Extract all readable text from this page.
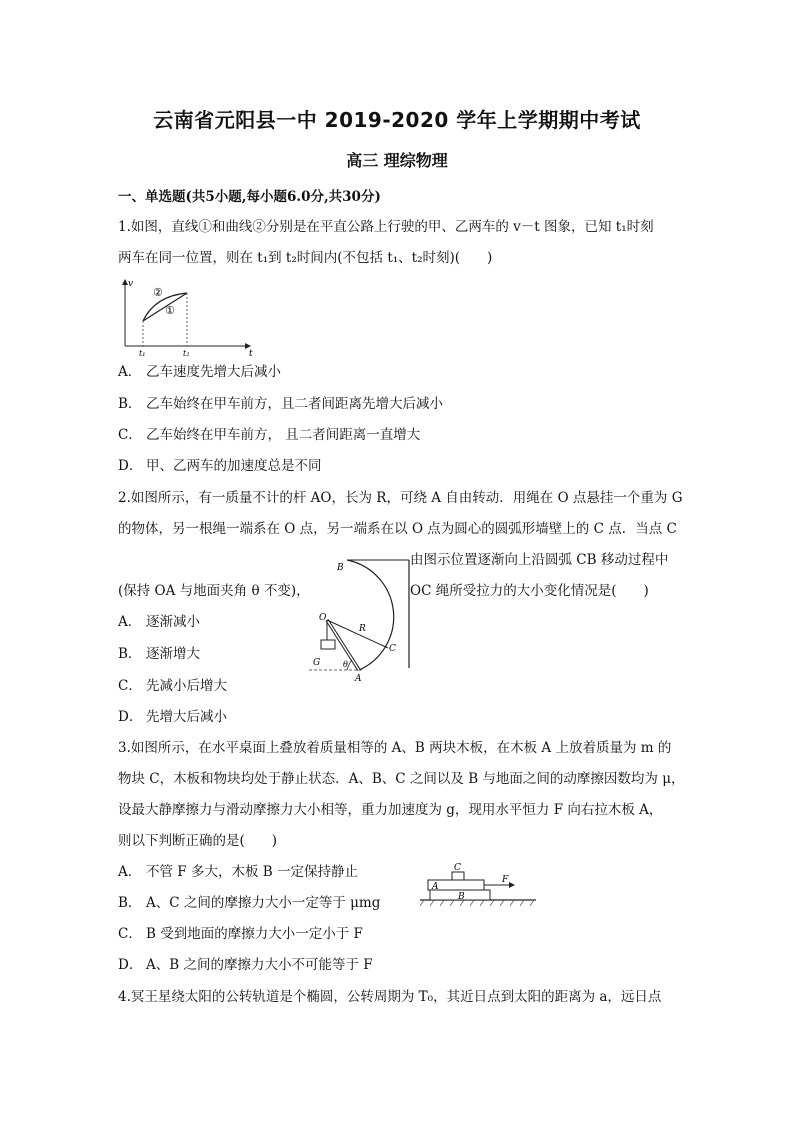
云南省元阳县一中 2019-2020 学年上学期期中考试
高三 理综物理
一、单选题(共5小题,每小题6.0分,共30分)
1.如图，直线①和曲线②分别是在平直公路上行驶的甲、乙两车的 v－t 图象，已知 t₁时刻
两车在同一位置，则在 t₁到 t₂时间内(不包括 t₁、t₂时刻)(　　)
v
t
②
①
t₁	t₂
A． 乙车速度先增大后减小
B． 乙车始终在甲车前方，且二者间距离先增大后减小
C． 乙车始终在甲车前方， 且二者间距离一直增大
D． 甲、乙两车的加速度总是不同
2.如图所示，有一质量不计的杆 AO，长为 R，可绕 A 自由转动．用绳在 O 点悬挂一个重为 G
的物体，另一根绳一端系在 O 点，另一端系在以 O 点为圆心的圆弧形墙壁上的 C 点．当点 C
由图示位置逐渐向上沿圆弧 CB 移动过程中
(保持 OA 与地面夹角 θ 不变)，	OC 绳所受拉力的大小变化情况是(　　)
B
O
R
C
G	θ
A
A． 逐渐减小
B． 逐渐增大
C． 先减小后增大
D． 先增大后减小
3.如图所示，在水平桌面上叠放着质量相等的 A、B 两块木板，在木板 A 上放着质量为 m 的
物块 C，木板和物块均处于静止状态．A、B、C 之间以及 B 与地面之间的动摩擦因数均为 μ，
设最大静摩擦力与滑动摩擦力大小相等，重力加速度为 g，现用水平恒力 F 向右拉木板 A，
则以下判断正确的是(　　)
C
A
B
F
A． 不管 F 多大，木板 B 一定保持静止
B． A、C 之间的摩擦力大小一定等于 μmg
C． B 受到地面的摩擦力大小一定小于 F
D． A、B 之间的摩擦力大小不可能等于 F
4.冥王星绕太阳的公转轨道是个椭圆，公转周期为 T₀，其近日点到太阳的距离为 a，远日点
